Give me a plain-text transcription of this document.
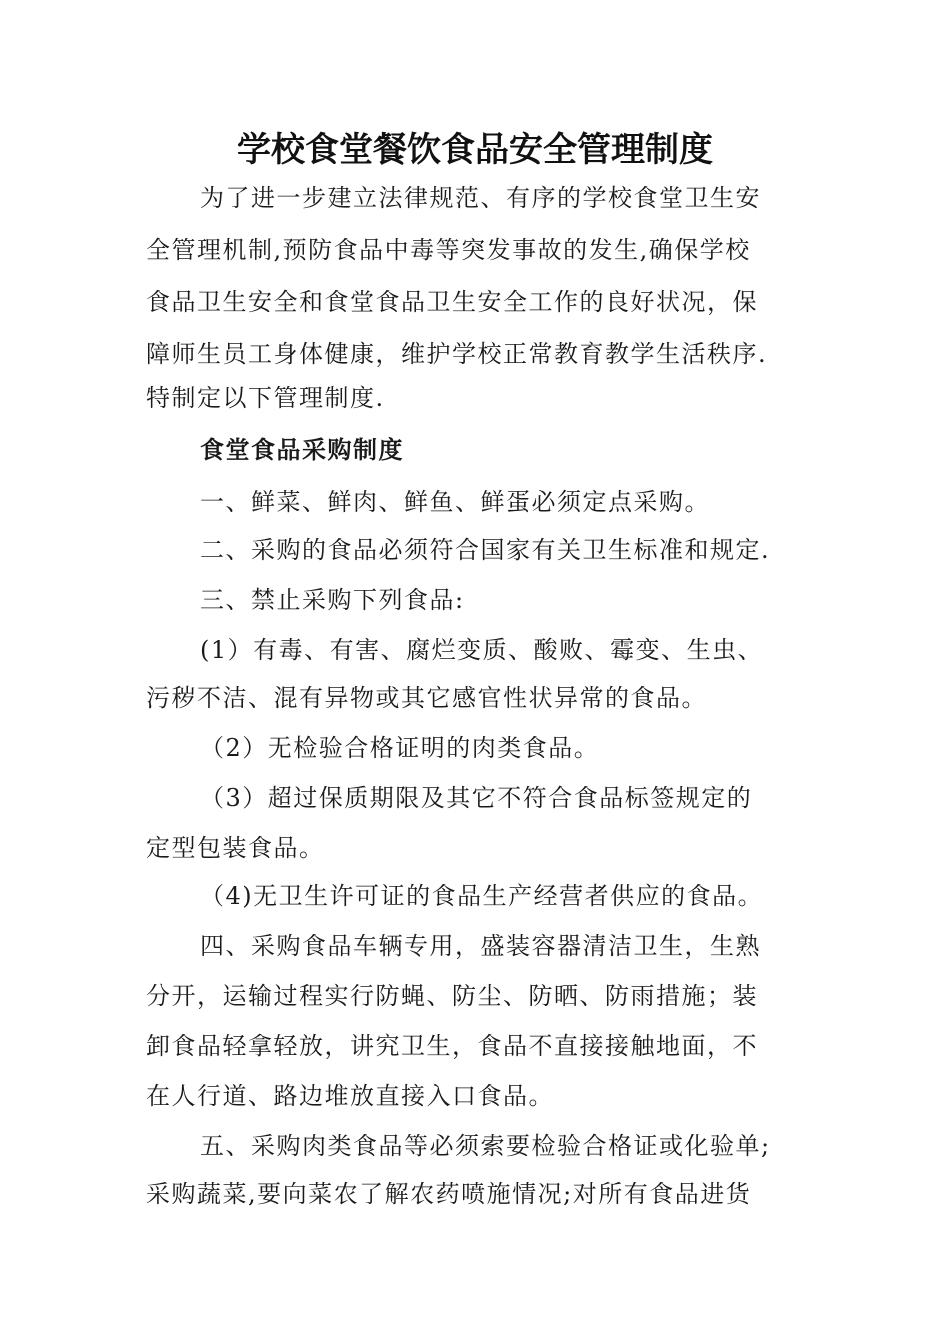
学校食堂餐饮食品安全管理制度
为了进一步建立法律规范、有序的学校食堂卫生安
全管理机制,预防食品中毒等突发事故的发生,确保学校
食品卫生安全和食堂食品卫生安全工作的良好状况，保
障师生员工身体健康，维护学校正常教育教学生活秩序.
特制定以下管理制度.
食堂食品采购制度
一、鲜菜、鲜肉、鲜鱼、鲜蛋必须定点采购。
二、采购的食品必须符合国家有关卫生标准和规定.
三、禁止采购下列食品:
(1）有毒、有害、腐烂变质、酸败、霉变、生虫、
污秽不洁、混有异物或其它感官性状异常的食品。
（2）无检验合格证明的肉类食品。
（3）超过保质期限及其它不符合食品标签规定的
定型包装食品。
（4)无卫生许可证的食品生产经营者供应的食品。
四、采购食品车辆专用，盛装容器清洁卫生，生熟
分开，运输过程实行防蝇、防尘、防晒、防雨措施；装
卸食品轻拿轻放，讲究卫生，食品不直接接触地面，不
在人行道、路边堆放直接入口食品。
五、采购肉类食品等必须索要检验合格证或化验单;
采购蔬菜,要向菜农了解农药喷施情况;对所有食品进货
